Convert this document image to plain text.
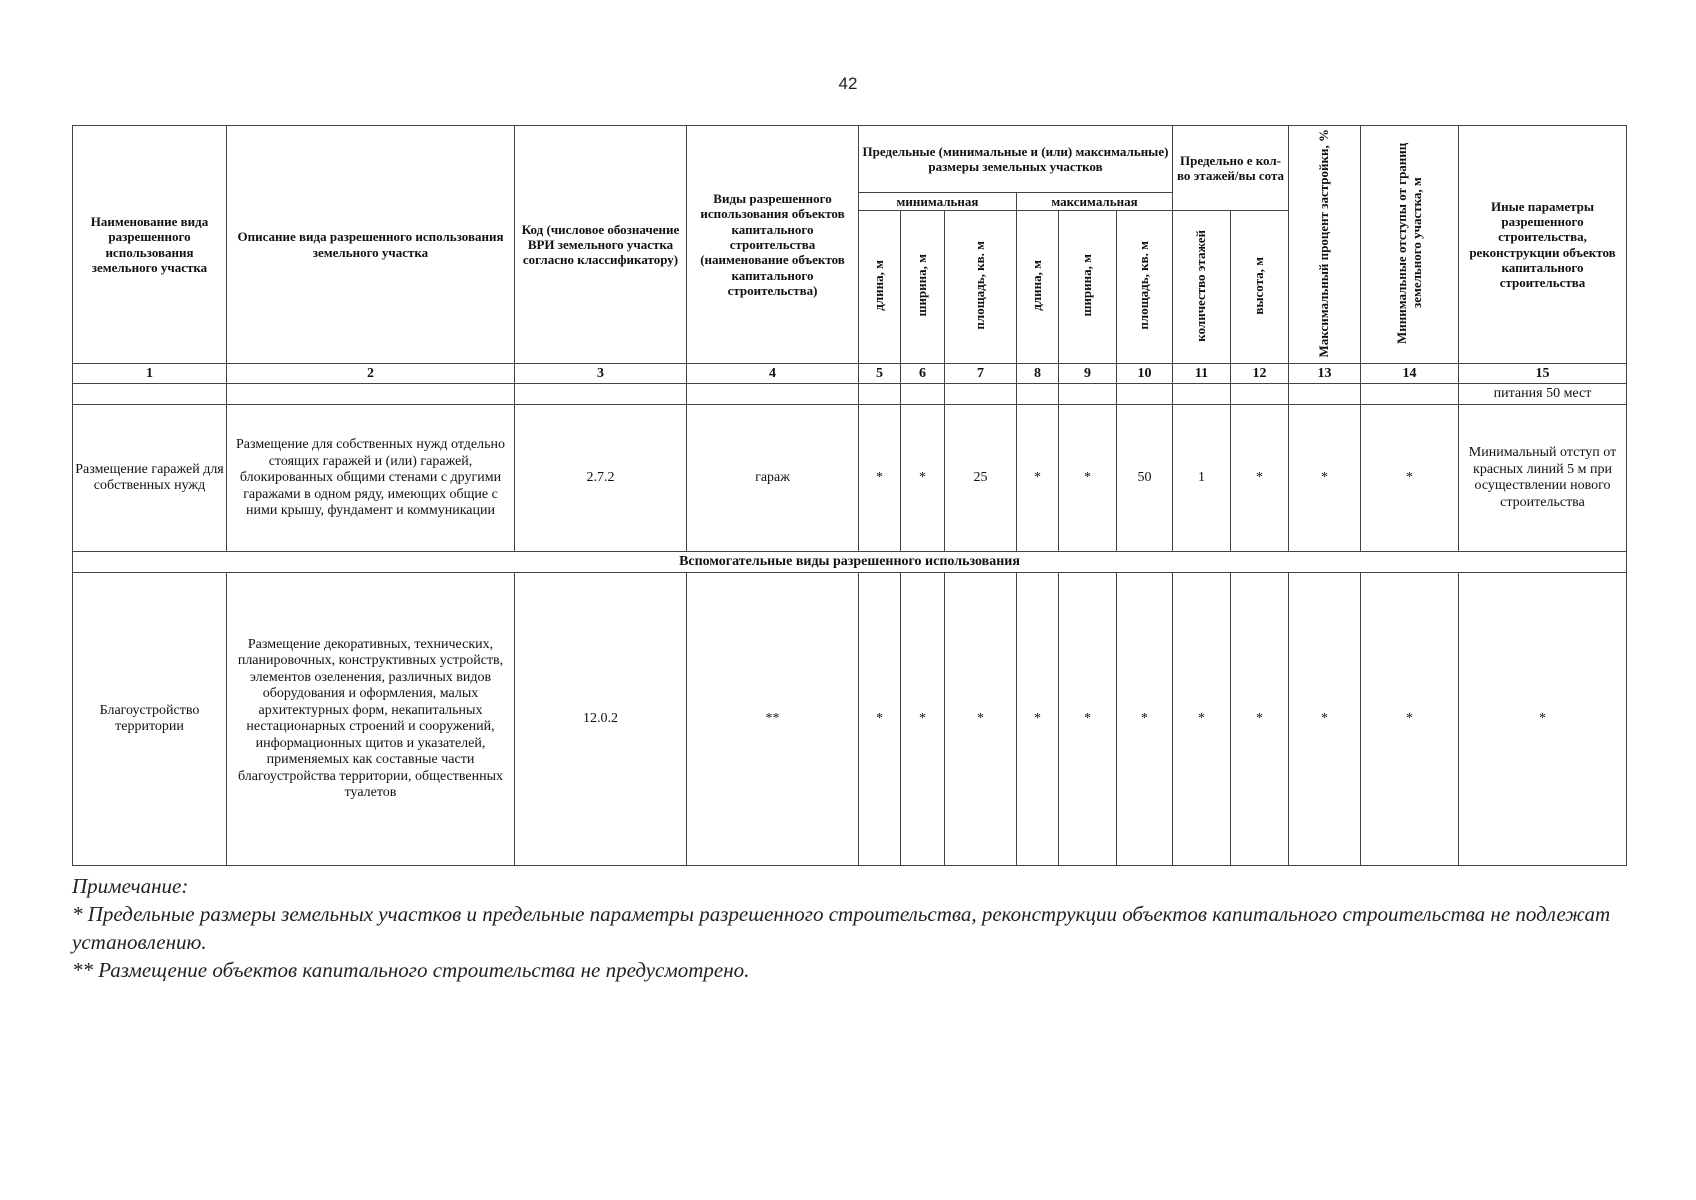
42
Наименование вида разрешенного использования земельного участка	Описание вида разрешенного использования земельного участка	Код (числовое обозначение ВРИ земельного участка согласно классификатору)	Виды разрешенного использования объектов капитального строительства (наименование объектов капитального строительства)	Предельные (минимальные и (или) максимальные) размеры земельных участков						Предельно е кол-во этажей/вы сота		Максимальный процент застройки, %	Минимальные отступы от границ земельного участка, м	Иные параметры разрешенного строительства, реконструкции объектов капитального строительства
				минимальная			максимальная							
				длина, м	ширина, м	площадь, кв. м	длина, м	ширина, м	площадь, кв. м	количество этажей	высота, м			
1	2	3	4	5	6	7	8	9	10	11	12	13	14	15
														питания 50 мест
Размещение гаражей для собственных нужд	Размещение для собственных нужд отдельно стоящих гаражей и (или) гаражей, блокированных общими стенами с другими гаражами в одном ряду, имеющих общие с ними крышу, фундамент и коммуникации	2.7.2	гараж	*	*	25	*	*	50	1	*	*	*	Минимальный отступ от красных линий 5 м при осуществлении нового строительства
Вспомогательные виды разрешенного использования														
Благоустройство территории	Размещение декоративных, технических, планировочных, конструктивных устройств, элементов озеленения, различных видов оборудования и оформления, малых архитектурных форм, некапитальных нестационарных строений и сооружений, информационных щитов и указателей, применяемых как составные части благоустройства территории, общественных туалетов	12.0.2	**	*	*	*	*	*	*	*	*	*	*	*
Примечание:
* Предельные размеры земельных участков и предельные параметры разрешенного строительства, реконструкции объектов капитального строительства не подлежат установлению.
** Размещение объектов капитального строительства не предусмотрено.
